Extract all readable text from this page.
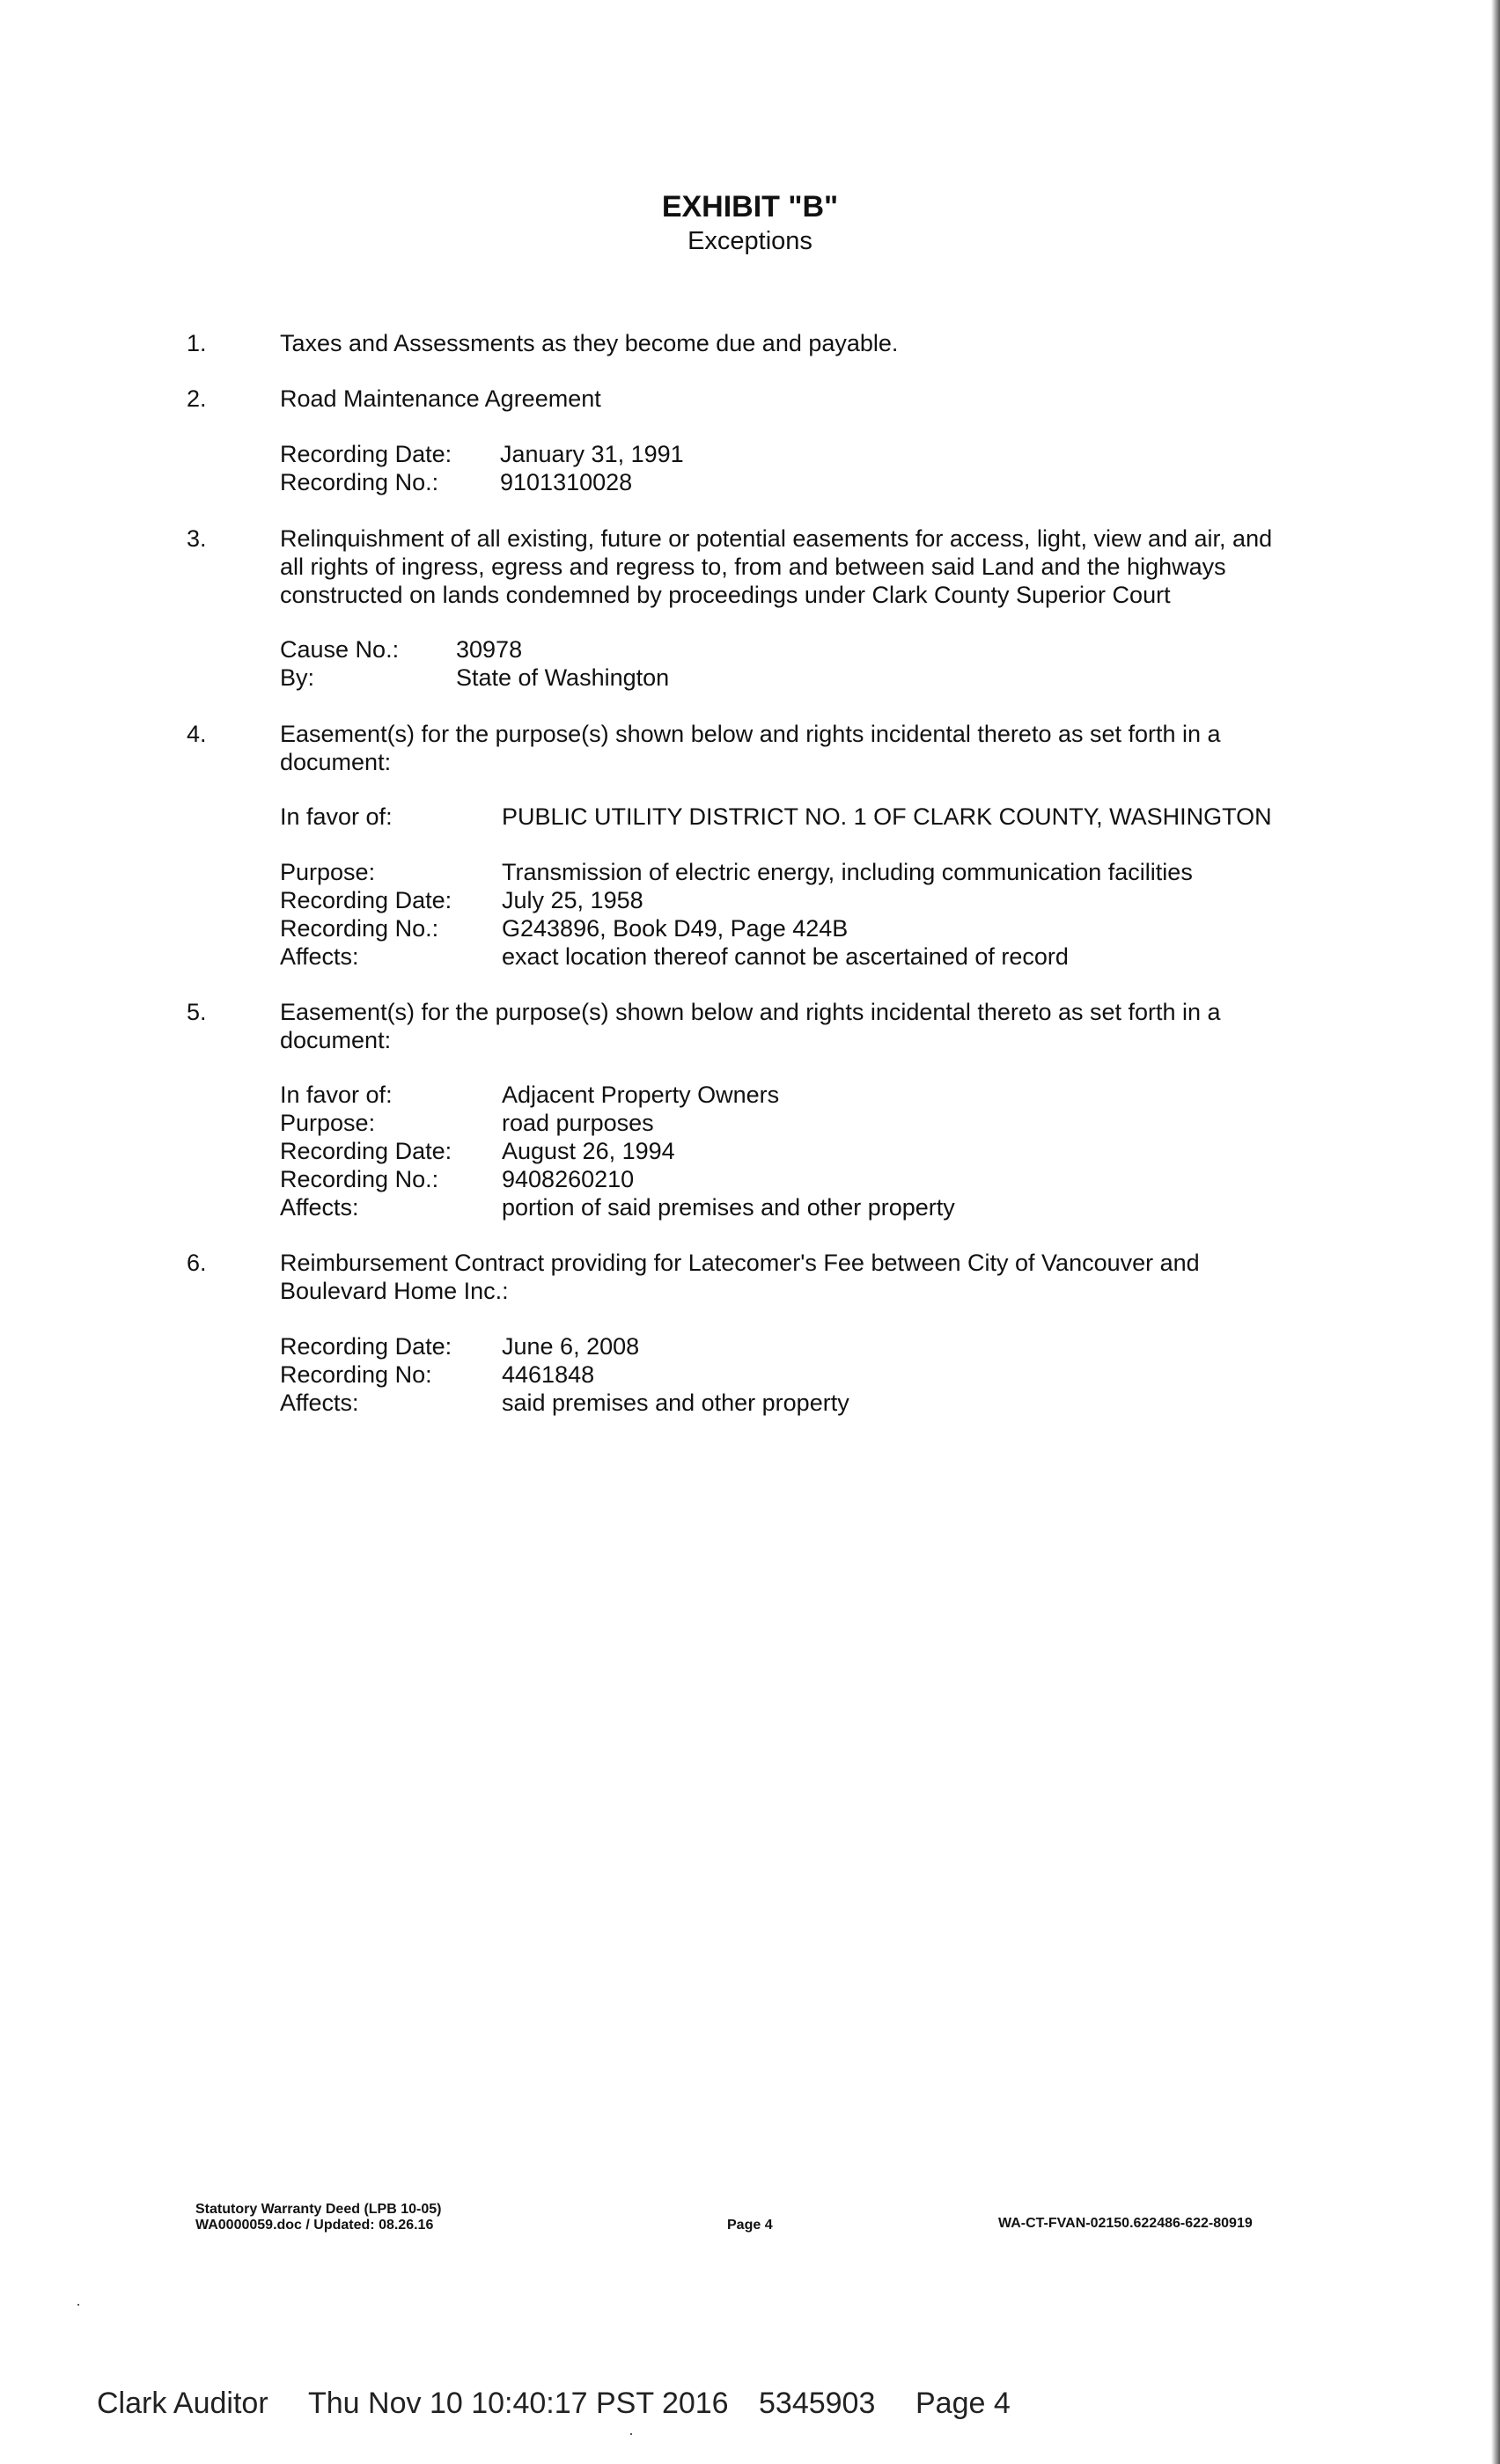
EXHIBIT "B"
Exceptions
1.	Taxes and Assessments as they become due and payable.
2.	Road Maintenance Agreement
Recording Date: January 31, 1991
Recording No.:	9101310028
3.	Relinquishment of all existing, future or potential easements for access, light, view and air, and
all rights of ingress, egress and regress to, from and between said Land and the highways
constructed on lands condemned by proceedings under Clark County Superior Court
Cause No.: 30978
By:	State of Washington
4.	Easement(s) for the purpose(s) shown below and rights incidental thereto as set forth in a
document:
In favor of:	PUBLIC UTILITY DISTRICT NO. 1 OF CLARK COUNTY, WASHINGTON
Purpose:	Transmission of electric energy, including communication facilities
Recording Date: July 25, 1958
Recording No.:	G243896, Book D49, Page 424B
Affects:	exact location thereof cannot be ascertained of record
5.	Easement(s) for the purpose(s) shown below and rights incidental thereto as set forth in a
document:
In favor of:	Adjacent Property Owners
Purpose:	road purposes
Recording Date: August 26, 1994
Recording No.:	9408260210
Affects:	portion of said premises and other property
6.	Reimbursement Contract providing for Latecomer's Fee between City of Vancouver and
Boulevard Home Inc.:
Recording Date: June 6, 2008
Recording No:	4461848
Affects:	said premises and other property
Statutory Warranty Deed (LPB 10-05)
WA0000059.doc / Updated: 08.26.16	Page 4	WA-CT-FVAN-02150.622486-622-80919
Clark Auditor Thu Nov 10 10:40:17 PST 2016 5345903 Page 4
